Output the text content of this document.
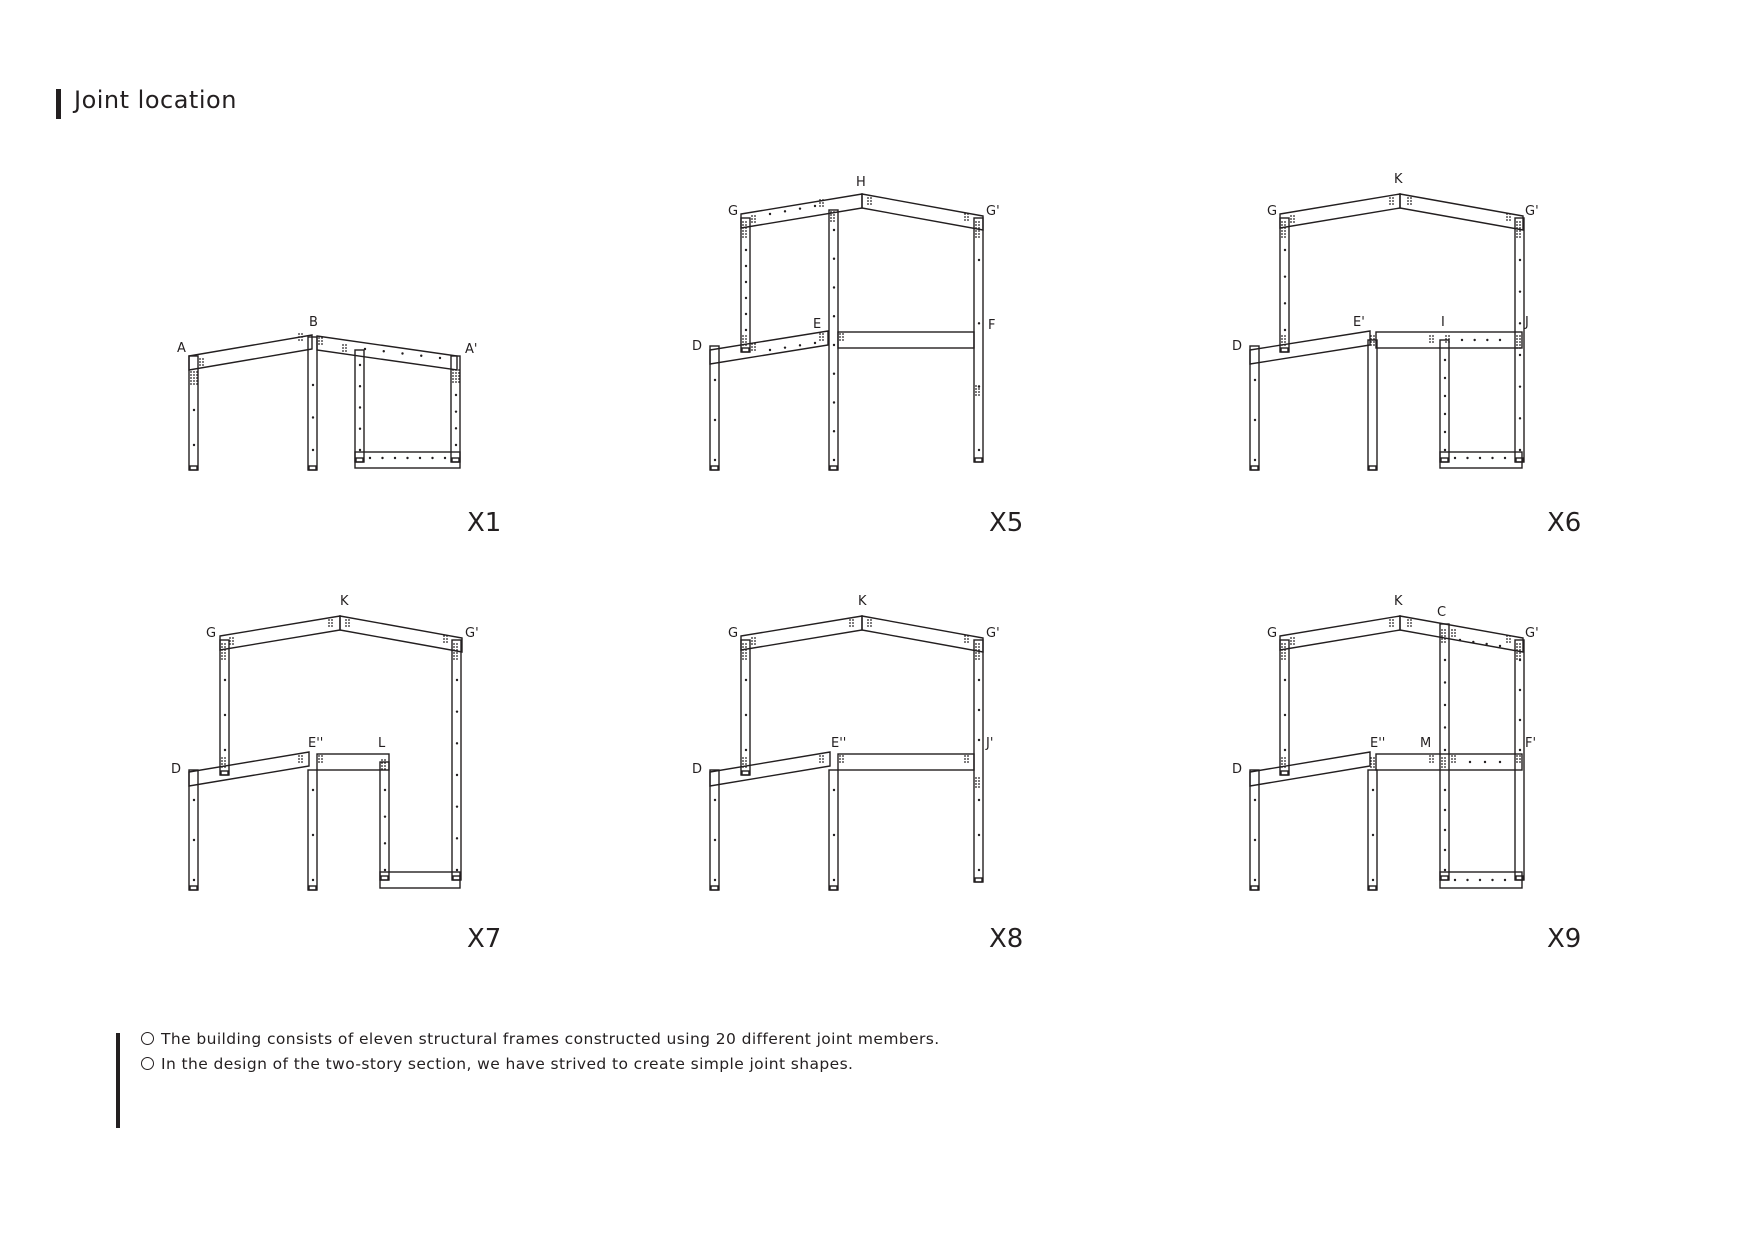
Joint location
A
B
A'
H
G	G'
D
E	F
K
G	G'
D
E'	I	J
K
G	G'
D
E''	L
K
G	G'
D
E''	J'
K
C
G	G'
D
E''	M	F'
X1	X5	X6
X7	X8	X9
The building consists of eleven structural frames constructed using 20 different joint members.
In the design of the two-story section, we have strived to create simple joint shapes.
